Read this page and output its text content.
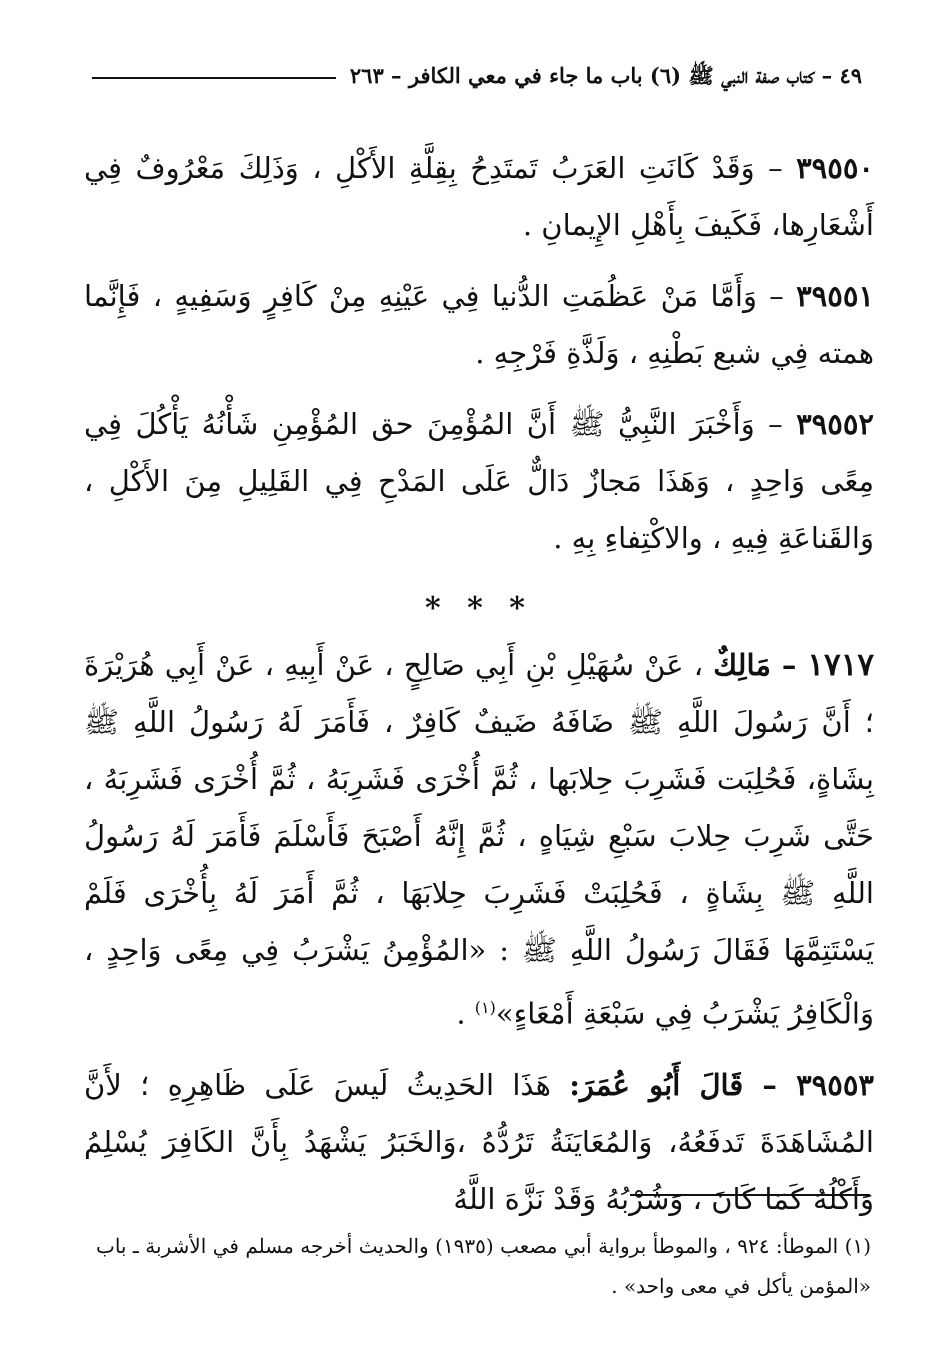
٤٩ – كتاب صفة النبي ﷺ (٦) باب ما جاء في معي الكافر – ٢٦٣

٣٩٥٥٠ – وَقَدْ كَانَتِ العَرَبُ تَمتَدِحُ بِقِلَّةِ الأَكْلِ ، وَذَلِكَ مَعْرُوفٌ فِي أَشْعَارِها، فَكَيفَ بِأَهْلِ الإِيمانِ .

٣٩٥٥١ – وَأَمَّا مَنْ عَظُمَتِ الدُّنيا فِي عَيْنِهِ مِنْ كَافِرٍ وَسَفِيهٍ ، فَإِنَّما همته فِي شبع بَطْنِهِ ، وَلَذَّةِ فَرْجِهِ .

٣٩٥٥٢ – وَأَخْبَرَ النَّبِيُّ ﷺ أَنَّ المُؤْمِنَ حق المُؤْمِنِ شَأْنُهُ يَأْكُلَ فِي مِعًى وَاحِدٍ ، وَهَذَا مَجازٌ دَالٌّ عَلَى المَدْحِ فِي القَلِيلِ مِنَ الأَكْلِ ، وَالقَناعَةِ فِيهِ ، والاكْتِفاءِ بِهِ .

* * *

١٧١٧ – مَالِكٌ ، عَنْ سُهَيْلِ بْنِ أَبِي صَالِحٍ ، عَنْ أَبِيهِ ، عَنْ أَبِي هُرَيْرَةَ ؛ أَنَّ رَسُولَ اللَّهِ ﷺ ضَافَهُ ضَيفٌ كَافِرٌ ، فَأَمَرَ لَهُ رَسُولُ اللَّهِ ﷺ بِشَاةٍ، فَحُلِبَت فَشَرِبَ حِلابَها ، ثُمَّ أُخْرَى فَشَرِبَهُ ، ثُمَّ أُخْرَى فَشَرِبَهُ ، حَتَّى شَرِبَ حِلابَ سَبْعِ شِيَاهٍ ، ثُمَّ إِنَّهُ أَصْبَحَ فَأَسْلَمَ فَأَمَرَ لَهُ رَسُولُ اللَّهِ ﷺ بِشَاةٍ ، فَحُلِبَتْ فَشَرِبَ حِلابَهَا ، ثُمَّ أَمَرَ لَهُ بِأُخْرَى فَلَمْ يَسْتَتِمَّهَا فَقَالَ رَسُولُ اللَّهِ ﷺ : «المُؤْمِنُ يَشْرَبُ فِي مِعًى وَاحِدٍ ، وَالْكَافِرُ يَشْرَبُ فِي سَبْعَةِ أَمْعَاءٍ»$^{(١)}$ .

٣٩٥٥٣ – قَالَ أَبُو عُمَرَ: هَذَا الحَدِيثُ لَيسَ عَلَى ظَاهِرِهِ ؛ لأَنَّ المُشَاهَدَةَ تَدفَعُهُ، وَالمُعَايَنَةُ تَرُدُّهُ ،وَالخَبَرُ يَشْهَدُ بِأَنَّ الكَافِرَ يُسْلِمُ وَأَكْلُهُ كَمَا كَانَ ، وَشُرْبُهُ وَقَدْ نَزَّهَ اللَّهُ

(١) الموطأ: ٩٢٤ ، والموطأ برواية أبي مصعب (١٩٣٥) والحديث أخرجه مسلم في الأشربة ـ باب «المؤمن يأكل في معى واحد» .
